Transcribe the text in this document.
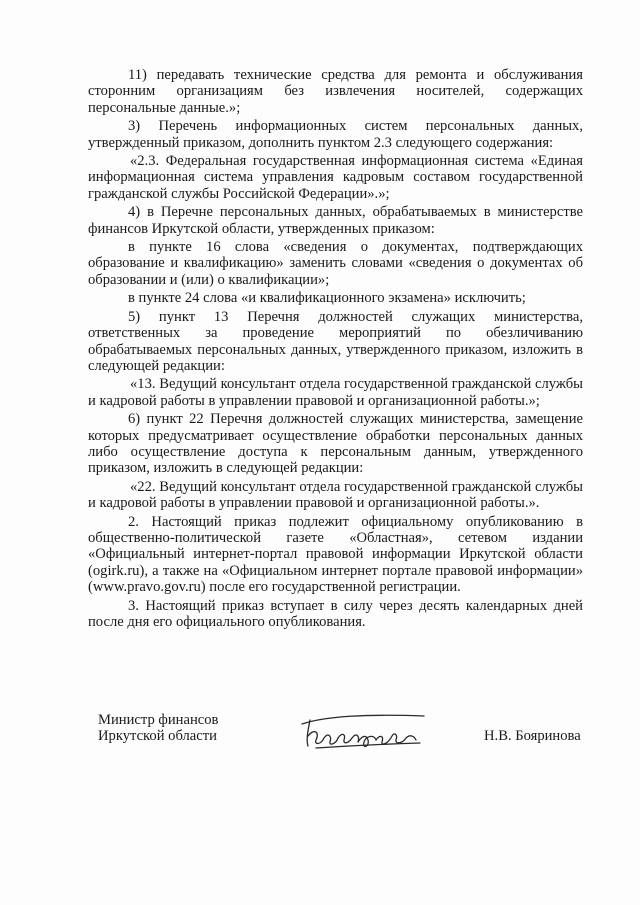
11) передавать технические средства для ремонта и обслуживания сторонним организациям без извлечения носителей, содержащих персональные данные.»;

3) Перечень информационных систем персональных данных, утвержденный приказом, дополнить пунктом 2.3 следующего содержания:

«2.3. Федеральная государственная информационная система «Единая информационная система управления кадровым составом государственной гражданской службы Российской Федерации».»;

4) в Перечне персональных данных, обрабатываемых в министерстве финансов Иркутской области, утвержденных приказом:

в пункте 16 слова «сведения о документах, подтверждающих образование и квалификацию» заменить словами «сведения о документах об образовании и (или) о квалификации»;

в пункте 24 слова «и квалификационного экзамена» исключить;

5) пункт 13 Перечня должностей служащих министерства, ответственных за проведение мероприятий по обезличиванию обрабатываемых персональных данных, утвержденного приказом, изложить в следующей редакции:

«13. Ведущий консультант отдела государственной гражданской службы и кадровой работы в управлении правовой и организационной работы.»;

6) пункт 22 Перечня должностей служащих министерства, замещение которых предусматривает осуществление обработки персональных данных либо осуществление доступа к персональным данным, утвержденного приказом, изложить в следующей редакции:

«22. Ведущий консультант отдела государственной гражданской службы и кадровой работы в управлении правовой и организационной работы.».

2. Настоящий приказ подлежит официальному опубликованию в общественно-политической газете «Областная», сетевом издании «Официальный интернет-портал правовой информации Иркутской области (ogirk.ru), а также на «Официальном интернет портале правовой информации» (www.pravo.gov.ru) после его государственной регистрации.

3. Настоящий приказ вступает в силу через десять календарных дней после дня его официального опубликования.

Министр финансов
Иркутской области	Н.В. Бояринова
